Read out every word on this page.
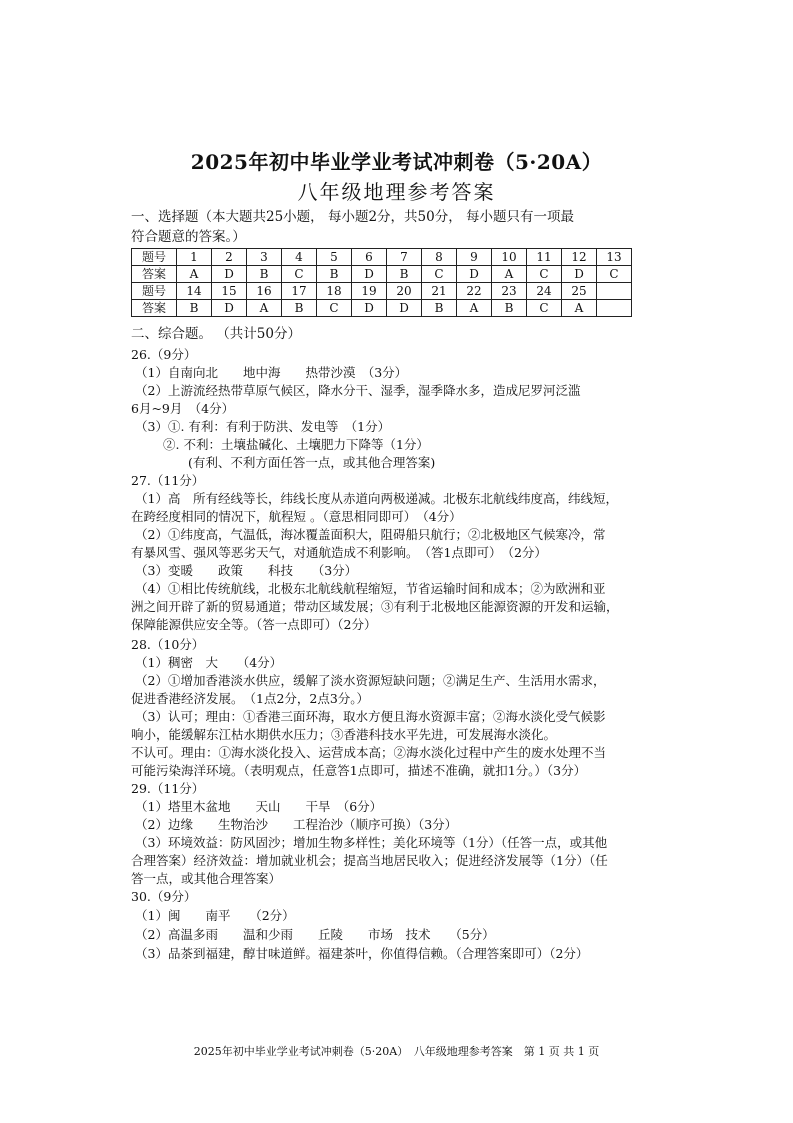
2025年初中毕业学业考试冲刺卷（5·20A）
八年级地理参考答案
一、选择题（本大题共25小题， 每小题2分，共50分， 每小题只有一项最
符合题意的答案。）
题号	1	2	3	4	5	6	7	8	9	10	11	12	13
答案	A	D	B	C	B	D	B	C	D	A	C	D	C
题号	14	15	16	17	18	19	20	21	22	23	24	25	
答案	B	D	A	B	C	D	D	B	A	B	C	A	
二、综合题。 （共计50分）
26.（9分）
（1）自南向北　　地中海　　热带沙漠　（3分）
（2）上游流经热带草原气候区，降水分干、湿季，湿季降水多，造成尼罗河泛滥
6月~9月　（4分）
（3）①. 有利：有利于防洪、发电等　（1分）
②. 不利：土壤盐碱化、土壤肥力下降等（1分）
(有利、不利方面任答一点，或其他合理答案)
27.（11分）
（1）高　所有经线等长，纬线长度从赤道向两极递减。北极东北航线纬度高，纬线短，
在跨经度相同的情况下，航程短 。（意思相同即可）　（4分）
（2）①纬度高，气温低，海冰覆盖面积大，阻碍船只航行；②北极地区气候寒冷，常
有暴风雪、强风等恶劣天气，对通航造成不利影响。　（答1点即可）　（2分）
（3）变暖　　政策　　科技　　（3分）
（4）①相比传统航线，北极东北航线航程缩短，节省运输时间和成本；②为欧洲和亚
洲之间开辟了新的贸易通道；带动区域发展；③有利于北极地区能源资源的开发和运输，
保障能源供应安全等。（答一点即可）（2分）
28.（10分）
（1）稠密　大　　（4分）
（2）①增加香港淡水供应，缓解了淡水资源短缺问题；②满足生产、生活用水需求，
促进香港经济发展。　（1点2分，2点3分。）
（3）认可；理由：①香港三面环海，取水方便且海水资源丰富；②海水淡化受气候影
响小，能缓解东江枯水期供水压力；③香港科技水平先进，可发展海水淡化。
不认可。理由：①海水淡化投入、运营成本高；②海水淡化过程中产生的废水处理不当
可能污染海洋环境。（表明观点，任意答1点即可，描述不准确，就扣1分。）（3分）
29.（11分）
（1）塔里木盆地　　天山　　干旱　（6分）
（2）边缘　　生物治沙　　工程治沙（顺序可换）（3分）
（3）环境效益：防风固沙；增加生物多样性；美化环境等（1分）（任答一点，或其他
合理答案）经济效益：增加就业机会；提高当地居民收入；促进经济发展等（1分）（任
答一点，或其他合理答案）
30.（9分）
（1）闽　　南平　　（2分）
（2）高温多雨　　温和少雨　　丘陵　　市场　技术　　（5分）
（3）品茶到福建，醇甘味道鲜。福建茶叶，你值得信赖。（合理答案即可）（2分）
2025年初中毕业学业考试冲刺卷（5·20A）　八年级地理参考答案　第 1 页 共 1 页
